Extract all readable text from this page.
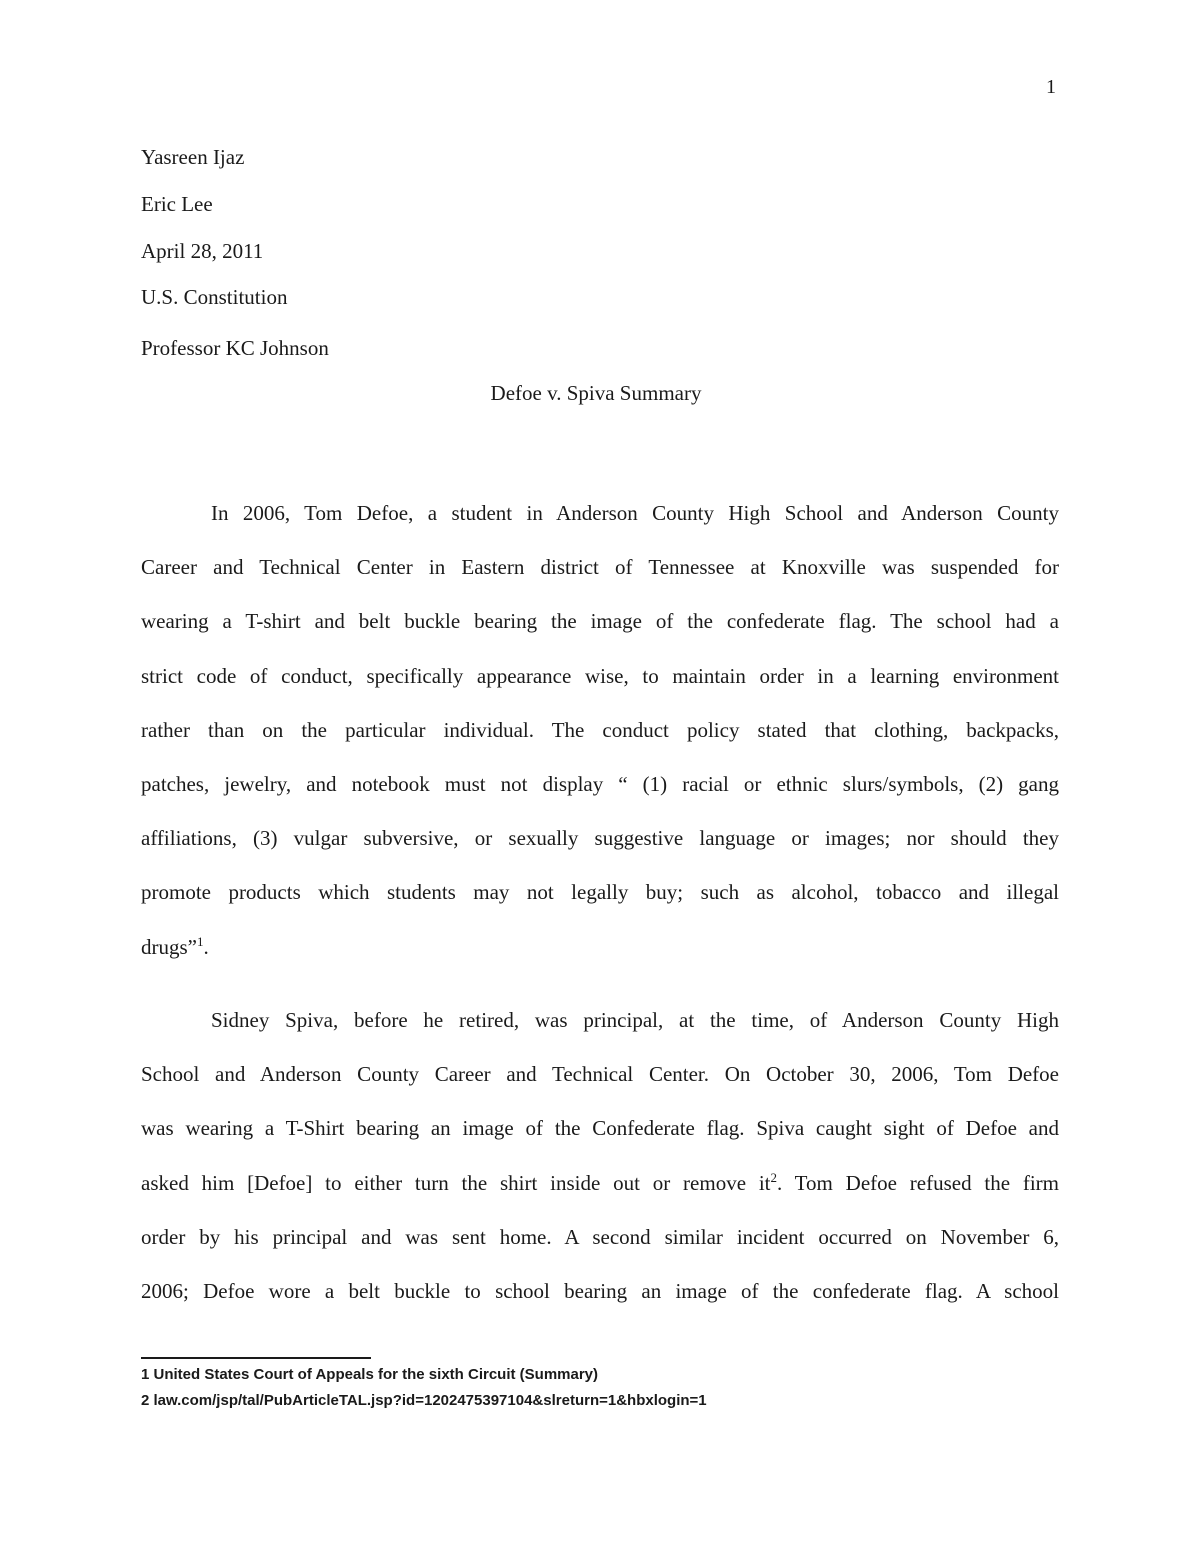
1

Yasreen Ijaz

Eric Lee

April 28, 2011

U.S. Constitution

Professor KC Johnson

Defoe v. Spiva Summary
In 2006, Tom Defoe, a student in Anderson County High School and Anderson County
Career and Technical Center in Eastern district of Tennessee at Knoxville was suspended for
wearing a T-shirt and belt buckle bearing the image of the confederate flag. The school had a
strict code of conduct, specifically appearance wise, to maintain order in a learning environment
rather than on the particular individual. The conduct policy stated that clothing, backpacks,
patches, jewelry, and notebook must not display “ (1) racial or ethnic slurs/symbols, (2) gang
affiliations, (3) vulgar subversive, or sexually suggestive language or images; nor should they
promote products which students may not legally buy; such as alcohol, tobacco and illegal
drugs”$^1$.
Sidney Spiva, before he retired, was principal, at the time, of Anderson County High
School and Anderson County Career and Technical Center. On October 30, 2006, Tom Defoe
was wearing a T-Shirt bearing an image of the Confederate flag. Spiva caught sight of Defoe and
asked him [Defoe] to either turn the shirt inside out or remove $it^2$. Tom Defoe refused the firm
order by his principal and was sent home. A second similar incident occurred on November 6,
2006; Defoe wore a belt buckle to school bearing an image of the confederate flag. A school
1 United States Court of Appeals for the sixth Circuit (Summary)
2 law.com/jsp/tal/PubArticleTAL.jsp?id=1202475397104&slreturn=1&hbxlogin=1
